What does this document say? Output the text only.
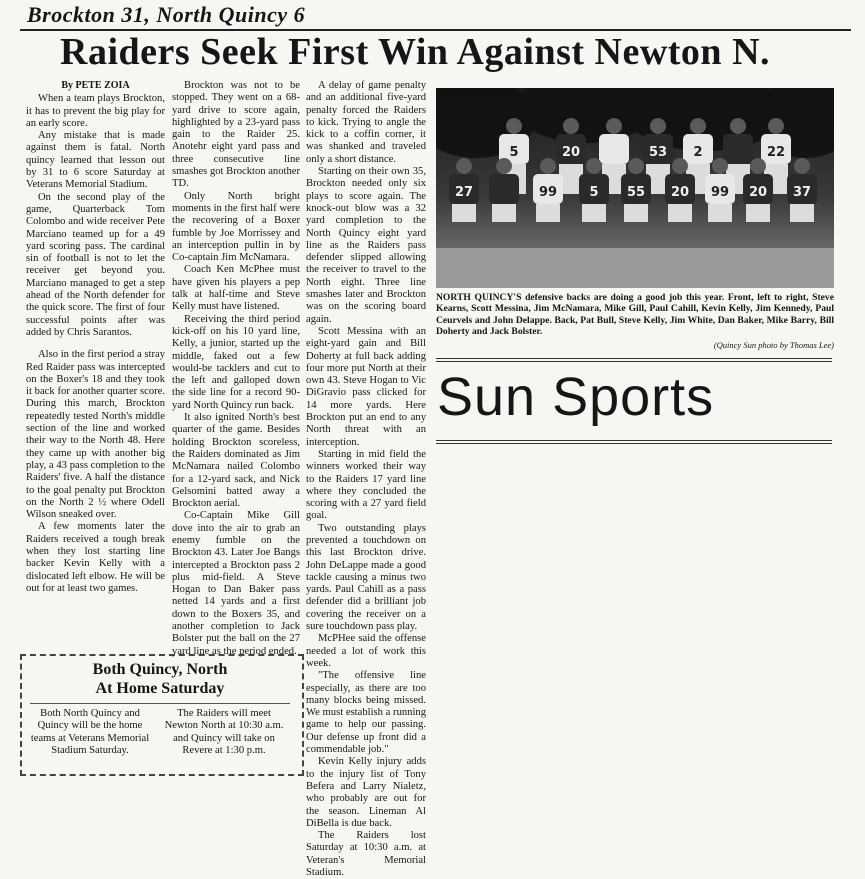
Brockton 31, North Quincy 6
Raiders Seek First Win Against Newton N.

By PETE ZOIA

When a team plays Brockton, it has to prevent the big play for an early score.

Any mistake that is made against them is fatal. North quincy learned that lesson out by 31 to 6 score Saturday at Veterans Memorial Stadium.

On the second play of the game, Quarterback Tom Colombo and wide receiver Pete Marciano teamed up for a 49 yard scoring pass. The cardinal sin of football is not to let the receiver get beyond you. Marciano managed to get a step ahead of the North defender for the quick score. The first of four successful points after was added by Chris Sarantos.

Also in the first period a stray Red Raider pass was intercepted on the Boxer's 18 and they took it back for another quarter score. During this march, Brockton repeatedly tested North's middle section of the line and worked their way to the North 48. Here they came up with another big play, a 43 pass completion to the Raiders' five. A half the distance to the goal penalty put Brockton on the North 2 ½ where Odell Wilson sneaked over.

A few moments later the Raiders received a tough break when they lost starting line backer Kevin Kelly with a dislocated left elbow. He will be out for at least two games.

Brockton was not to be stopped. They went on a 68-yard drive to score again, highlighted by a 23-yard pass gain to the Raider 25. Anotehr eight yard pass and three consecutive line smashes got Brockton another TD.

Only North bright moments in the first half were the recovering of a Boxer fumble by Joe Morrissey and an interception pullin in by Co-captain Jim McNamara.

Coach Ken McPhee must have given his players a pep talk at half-time and Steve Kelly must have listened.

Receiving the third period kick-off on his 10 yard line, Kelly, a junior, started up the middle, faked out a few would-be tacklers and cut to the left and galloped down the side line for a record 90-yard North Quincy run back.

It also ignited North's best quarter of the game. Besides holding Brockton scoreless, the Raiders dominated as Jim McNamara nailed Colombo for a 12-yard sack, and Nick Gelsomini batted away a Brockton aerial.

Co-Captain Mike Gill dove into the air to grab an enemy fumble on the Brockton 43. Later Joe Bangs intercepted a Brockton pass 2 plus mid-field. A Steve Hogan to Dan Baker pass netted 14 yards and a first down to the Boxers 35, and another completion to Jack Bolster put the ball on the 27 yard line as the period ended.

A delay of game penalty and an additional five-yard penalty forced the Raiders to kick. Trying to angle the kick to a coffin corner, it was shanked and traveled only a short distance.

Starting on their own 35, Brockton needed only six plays to score again. The knock-out blow was a 32 yard completion to the North Quincy eight yard line as the Raiders pass defender slipped allowing the receiver to travel to the North eight. Three line smashes later and Brockton was on the scoring board again.

Scott Messina with an eight-yard gain and Bill Doherty at full back adding four more put North at their own 43. Steve Hogan to Vic DiGravio pass clicked for 14 more yards. Here Brockton put an end to any North threat with an interception.

Starting in mid field the winners worked their way to the Raiders 17 yard line where they concluded the scoring with a 27 yard field goal.

Two outstanding plays prevented a touchdown on this last Brockton drive. John DeLappe made a good tackle causing a minus two yards. Paul Cahill as a pass defender did a brilliant job covering the receiver on a sure touchdown pass play.

McPHee said the offense needed a lot of work this week.

"The offensive line especially, as there are too many blocks being missed. We must establish a running game to help our passing. Our defense up front did a commendable job."

Kevin Kelly injury adds to the injury list of Tony Befera and Larry Nialetz, who probably are out for the season. Lineman Al DiBella is due back.

The Raiders lost Saturday at 10:30 a.m. at Veteran's Memorial Stadium.

5	20	53 2	22
27	99 5 55 20 99 20 37
NORTH QUINCY'S defensive backs are doing a good job this year. Front, left to right, Steve Kearns, Scott Messina, Jim McNamara, Mike Gill, Paul Cahill, Kevin Kelly, Jim Kennedy, Paul Ceurvels and John Delappe. Back, Pat Bull, Steve Kelly, Jim White, Dan Baker, Mike Barry, Bill Doherty and Jack Bolster.
(Quincy Sun photo by Thomas Lee)
Sun Sports
Both Quincy, North
At Home Saturday

Both North Quincy and Quincy will be the home teams at Veterans Memorial Stadium Saturday.

The Raiders will meet Newton North at 10:30 a.m. and Quincy will take on Revere at 1:30 p.m.
